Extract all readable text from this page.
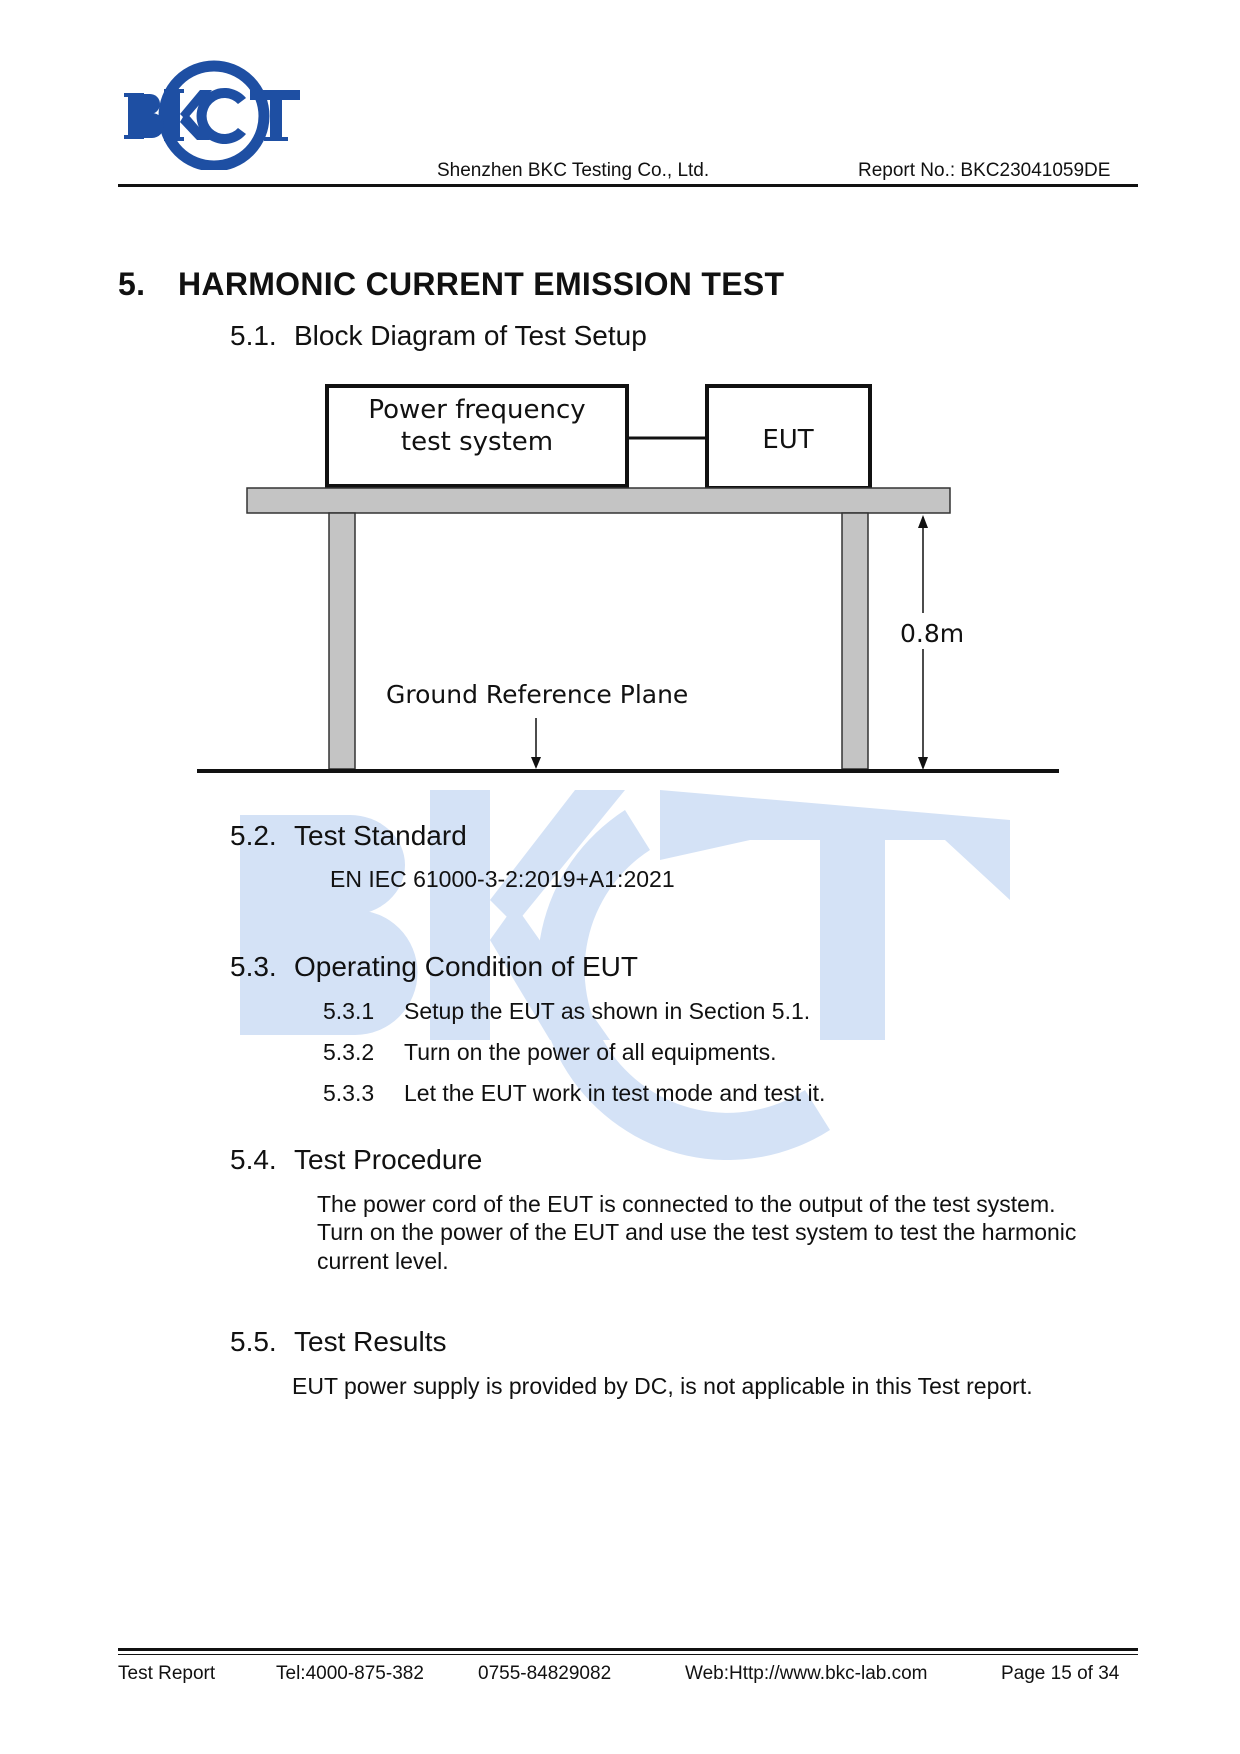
Shenzhen BKC Testing Co., Ltd.	Report No.: BKC23041059DE
5. HARMONIC CURRENT EMISSION TEST
5.1. Block Diagram of Test Setup
Power frequency
test system	EUT
0.8m
Ground Reference Plane
5.2. Test Standard
EN IEC 61000-3-2:2019+A1:2021
5.3. Operating Condition of EUT
5.3.1 Setup the EUT as shown in Section 5.1.
5.3.2 Turn on the power of all equipments.
5.3.3 Let the EUT work in test mode and test it.
5.4. Test Procedure
The power cord of the EUT is connected to the output of the test system.
Turn on the power of the EUT and use the test system to test the harmonic
current level.
5.5. Test Results
EUT power supply is provided by DC, is not applicable in this Test report.
Test Report	Tel:4000-875-382	0755-84829082	Web:Http://www.bkc-lab.com	Page 15 of 34
